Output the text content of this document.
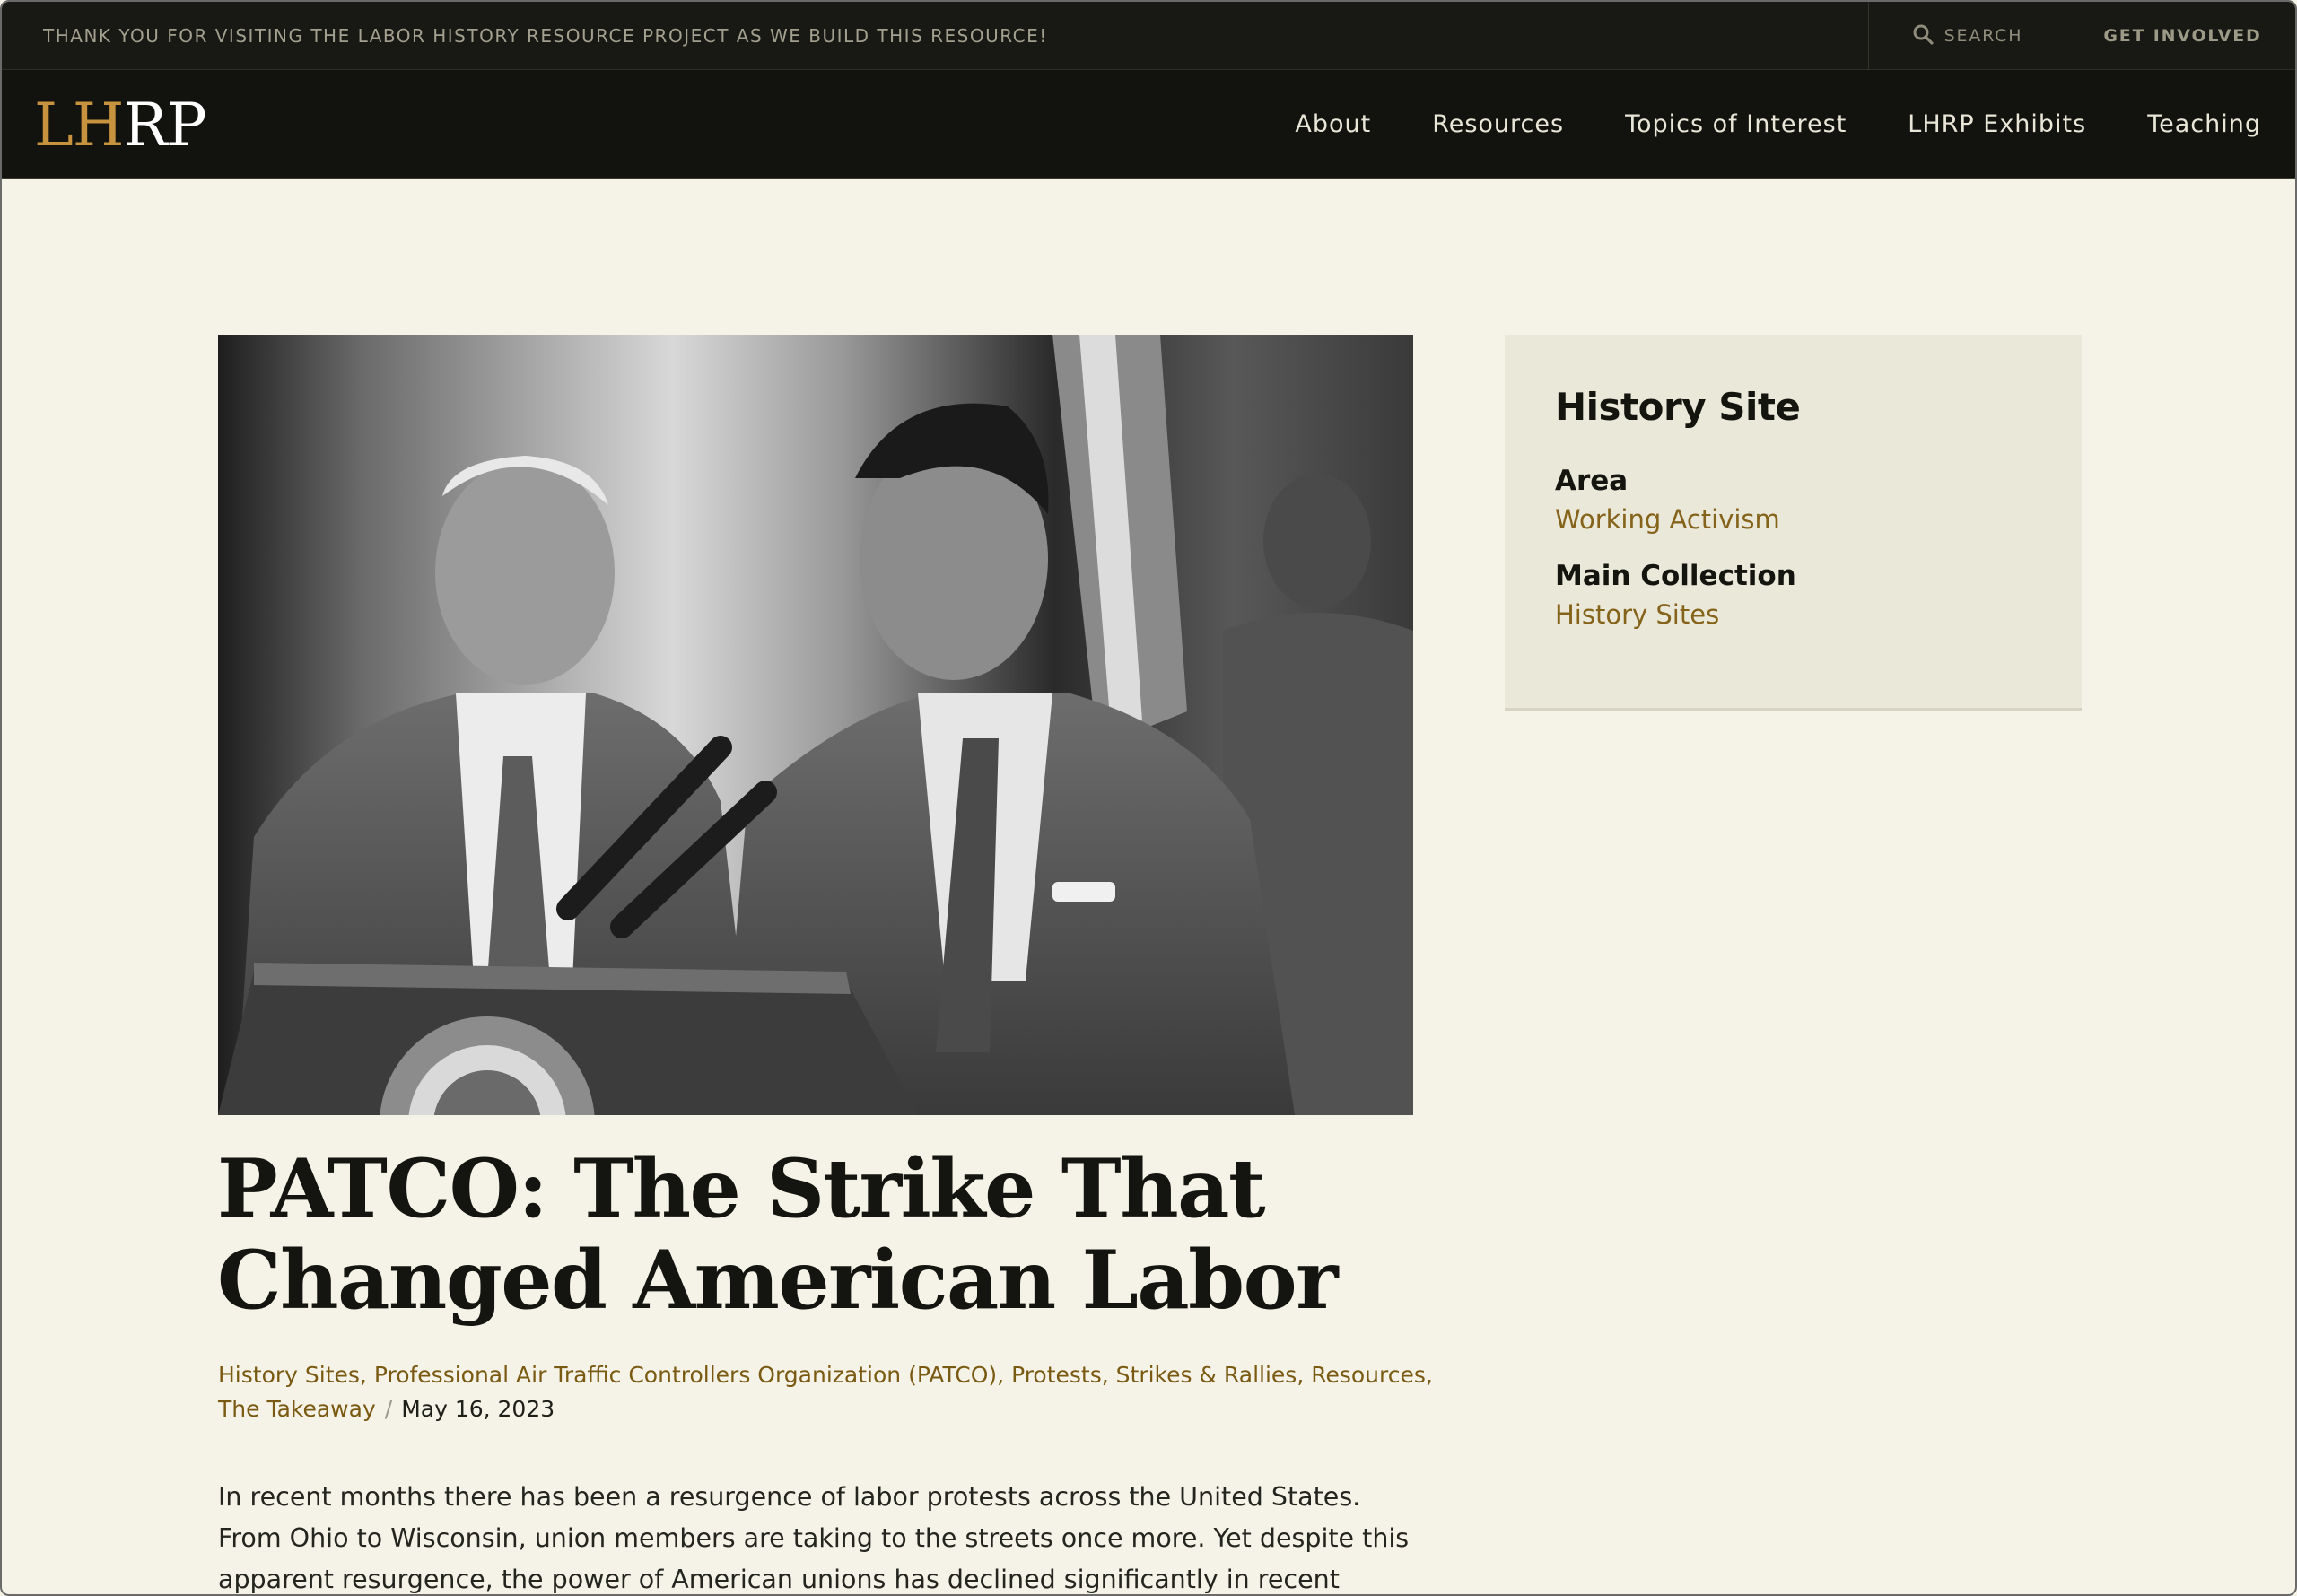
THANK YOU FOR VISITING THE LABOR HISTORY RESOURCE PROJECT AS WE BUILD THIS RESOURCE!	SEARCH	GET INVOLVED
LHRP	About	Resources	Topics of Interest	LHRP Exhibits	Teaching
PATCO: The Strike That Changed American Labor
History Sites, Professional Air Traffic Controllers Organization (PATCO), Protests, Strikes & Rallies, Resources,
The Takeaway / May 16, 2023

In recent months there has been a resurgence of labor protests across the United States. From Ohio to Wisconsin, union members are taking to the streets once more. Yet despite this apparent resurgence, the power of American unions has declined significantly in recent

History Site
Area
Working Activism
Main Collection
History Sites
